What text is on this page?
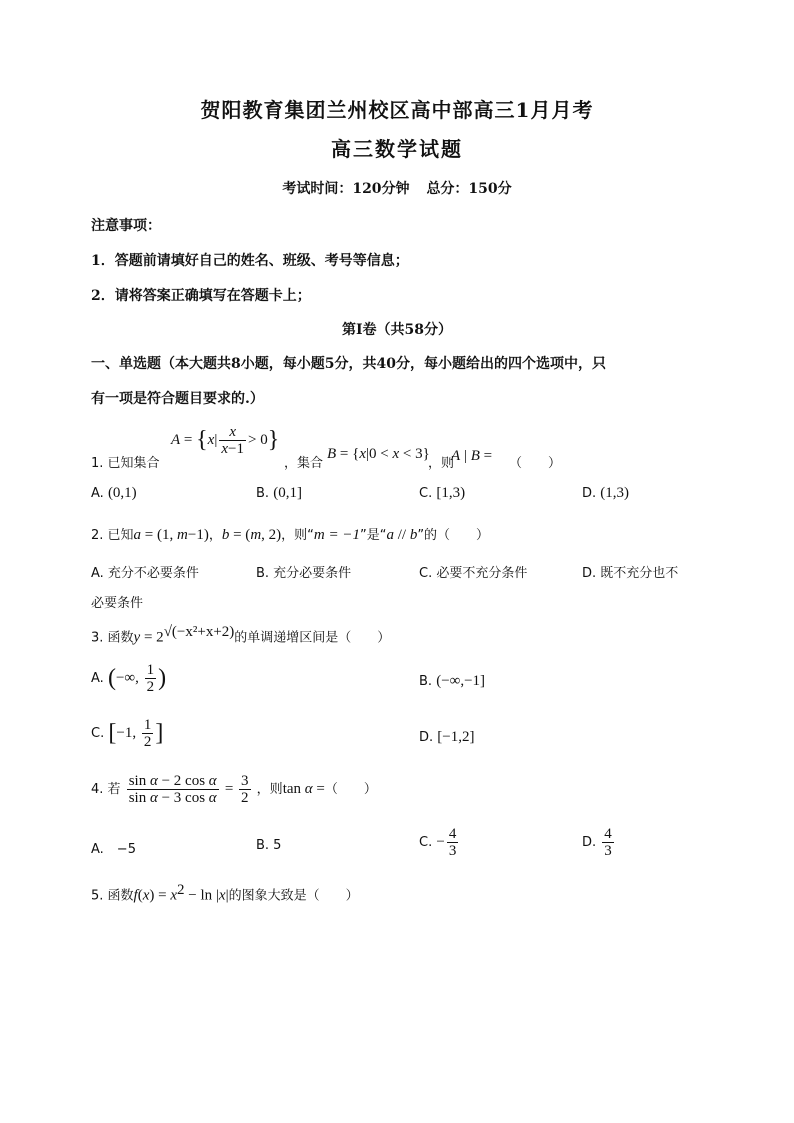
贺阳教育集团兰州校区高中部高三1月月考
高三数学试题
考试时间：120分钟 总分：150分
注意事项：
1．答题前请填好自己的姓名、班级、考号等信息；
2．请将答案正确填写在答题卡上；
第I卷（共58分）
一、单选题（本大题共8小题，每小题5分，共40分，每小题给出的四个选项中，只
有一项是符合题目要求的.）
1. 已知集合
$A = \{x| \frac{x}{x-1} > 0\}$
，集合
B = {x|0 < x < 3}
，则
A | B = （　　）
A. (0,1)	B. (0,1]	C. [1,3)	D. (1,3)
2. 已知a = (1, m−1)，b = (m, 2)，则“m = −1”是“a // b”的（　　）
A. 充分不必要条件	B. 充分必要条件	C. 必要不充分条件	D. 既不充分也不
必要条件
3. 函数$y = 2^{√(-x^2+x+2)}$的单调递增区间是（　　）
A. (−∞, $\frac{1}{2}$ )	B. (−∞,−1]
C. [−1, $\frac{1}{2}$ ]	D. [−1,2]
4. 若 $\frac{\text{sin α − 2 cos α}}{\text{sin α − 3 cos α}} = \frac{3}{2}$ ，则tan α =（　　）
A.　−5	B. 5	C. − $\frac{4}{3}$	D. $\frac{4}{3}$
5. 函数$f(x) = x^2 - \ln |x|$的图象大致是（　　）
